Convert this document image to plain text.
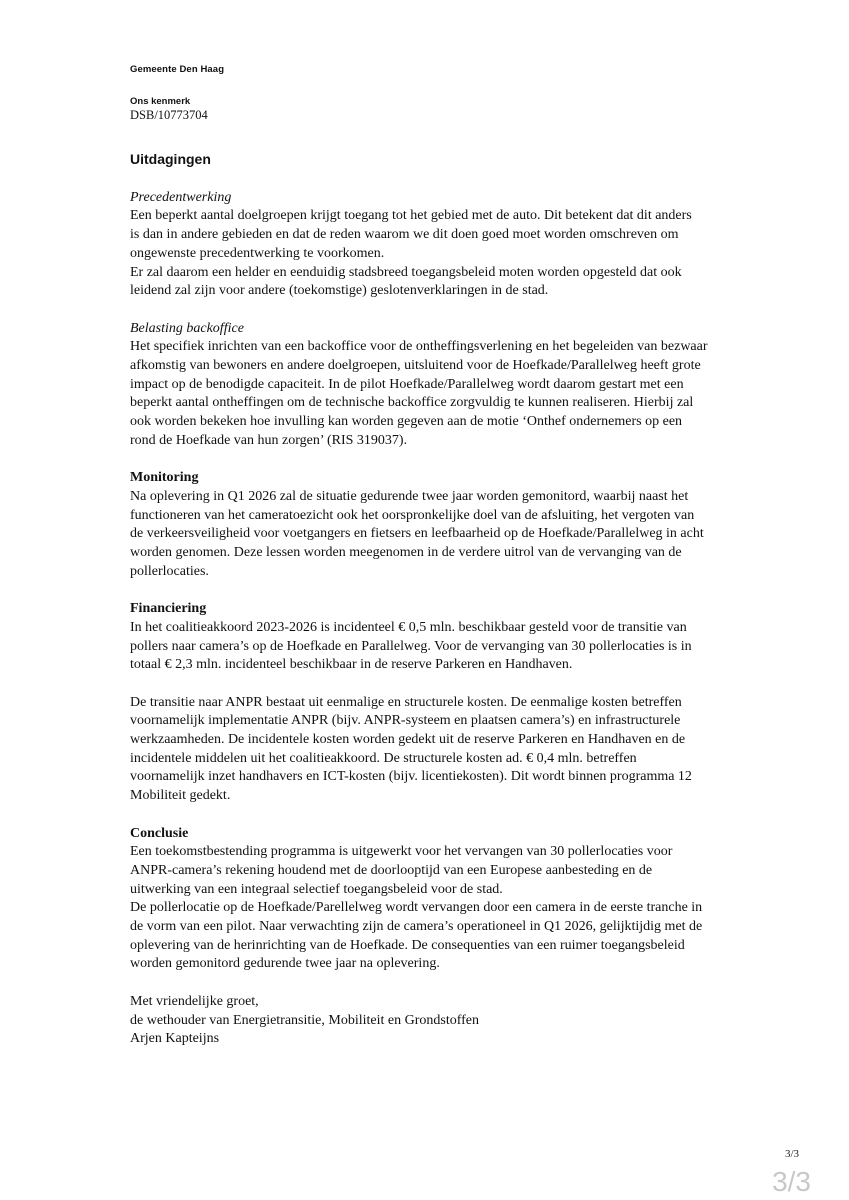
Gemeente Den Haag
Ons kenmerk
DSB/10773704
Uitdagingen

Precedentwerking

Een beperkt aantal doelgroepen krijgt toegang tot het gebied met de auto. Dit betekent dat dit anders
is dan in andere gebieden en dat de reden waarom we dit doen goed moet worden omschreven om
ongewenste precedentwerking te voorkomen.
Er zal daarom een helder en eenduidig stadsbreed toegangsbeleid moten worden opgesteld dat ook
leidend zal zijn voor andere (toekomstige) geslotenverklaringen in de stad.

Belasting backoffice

Het specifiek inrichten van een backoffice voor de ontheffingsverlening en het begeleiden van bezwaar
afkomstig van bewoners en andere doelgroepen, uitsluitend voor de Hoefkade/Parallelweg heeft grote
impact op de benodigde capaciteit. In de pilot Hoefkade/Parallelweg wordt daarom gestart met een
beperkt aantal ontheffingen om de technische backoffice zorgvuldig te kunnen realiseren. Hierbij zal
ook worden bekeken hoe invulling kan worden gegeven aan de motie ‘Onthef ondernemers op een
rond de Hoefkade van hun zorgen’ (RIS 319037).

Monitoring

Na oplevering in Q1 2026 zal de situatie gedurende twee jaar worden gemonitord, waarbij naast het
functioneren van het cameratoezicht ook het oorspronkelijke doel van de afsluiting, het vergoten van
de verkeersveiligheid voor voetgangers en fietsers en leefbaarheid op de Hoefkade/Parallelweg in acht
worden genomen. Deze lessen worden meegenomen in de verdere uitrol van de vervanging van de
pollerlocaties.

Financiering

In het coalitieakkoord 2023-2026 is incidenteel € 0,5 mln. beschikbaar gesteld voor de transitie van
pollers naar camera’s op de Hoefkade en Parallelweg. Voor de vervanging van 30 pollerlocaties is in
totaal € 2,3 mln. incidenteel beschikbaar in de reserve Parkeren en Handhaven.
De transitie naar ANPR bestaat uit eenmalige en structurele kosten. De eenmalige kosten betreffen
voornamelijk implementatie ANPR (bijv. ANPR-systeem en plaatsen camera’s) en infrastructurele
werkzaamheden. De incidentele kosten worden gedekt uit de reserve Parkeren en Handhaven en de
incidentele middelen uit het coalitieakkoord. De structurele kosten ad. € 0,4 mln. betreffen
voornamelijk inzet handhavers en ICT-kosten (bijv. licentiekosten). Dit wordt binnen programma 12
Mobiliteit gedekt.

Conclusie

Een toekomstbestending programma is uitgewerkt voor het vervangen van 30 pollerlocaties voor
ANPR-camera’s rekening houdend met de doorlooptijd van een Europese aanbesteding en de
uitwerking van een integraal selectief toegangsbeleid voor de stad.
De pollerlocatie op de Hoefkade/Parellelweg wordt vervangen door een camera in de eerste tranche in
de vorm van een pilot. Naar verwachting zijn de camera’s operationeel in Q1 2026, gelijktijdig met de
oplevering van de herinrichting van de Hoefkade. De consequenties van een ruimer toegangsbeleid
worden gemonitord gedurende twee jaar na oplevering.
Met vriendelijke groet,
de wethouder van Energietransitie, Mobiliteit en Grondstoffen
Arjen Kapteijns
3/3
3/3
